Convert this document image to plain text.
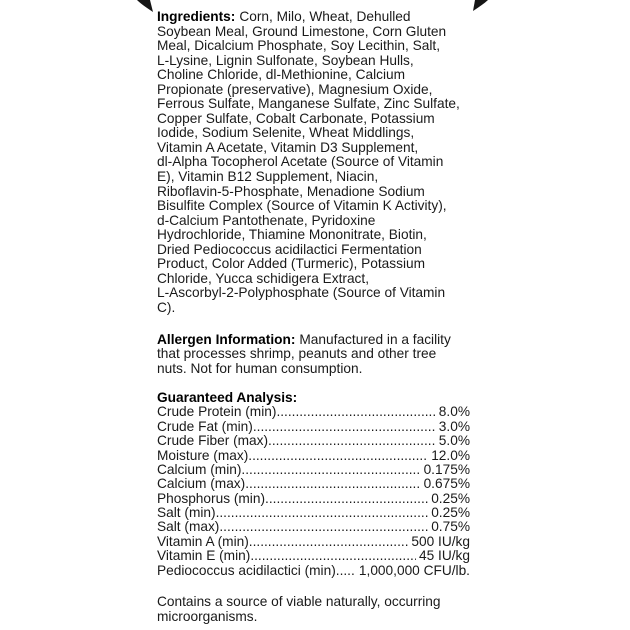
Ingredients: Corn, Milo, Wheat, Dehulled
Soybean Meal, Ground Limestone, Corn Gluten
Meal, Dicalcium Phosphate, Soy Lecithin, Salt,
L-Lysine, Lignin Sulfonate, Soybean Hulls,
Choline Chloride, dl-Methionine, Calcium
Propionate (preservative), Magnesium Oxide,
Ferrous Sulfate, Manganese Sulfate, Zinc Sulfate,
Copper Sulfate, Cobalt Carbonate, Potassium
Iodide, Sodium Selenite, Wheat Middlings,
Vitamin A Acetate, Vitamin D3 Supplement,
dl-Alpha Tocopherol Acetate (Source of Vitamin
E), Vitamin B12 Supplement, Niacin,
Riboflavin-5-Phosphate, Menadione Sodium
Bisulfite Complex (Source of Vitamin K Activity),
d-Calcium Pantothenate, Pyridoxine
Hydrochloride, Thiamine Mononitrate, Biotin,
Dried Pediococcus acidilactici Fermentation
Product, Color Added (Turmeric), Potassium
Chloride, Yucca schidigera Extract,
L-Ascorbyl-2-Polyphosphate (Source of Vitamin
C).
Allergen Information: Manufactured in a facility
that processes shrimp, peanuts and other tree
nuts. Not for human consumption.
Guaranteed Analysis:
Crude Protein (min) .....	8.0%
Crude Fat (min) .....	3.0%
Crude Fiber (max) .....	5.0%
Moisture (max) .....	12.0%
Calcium (min) .....	0.175%
Calcium (max) .....	0.675%
Phosphorus (min) .....	0.25%
Salt (min) .....	0.25%
Salt (max) .....	0.75%
Vitamin A (min) .....	500 IU/kg
Vitamin E (min) .....	45 IU/kg
Pediococcus acidilactici (min) ..... 1,000,000 CFU/lb.
Contains a source of viable naturally, occurring
microorganisms.
